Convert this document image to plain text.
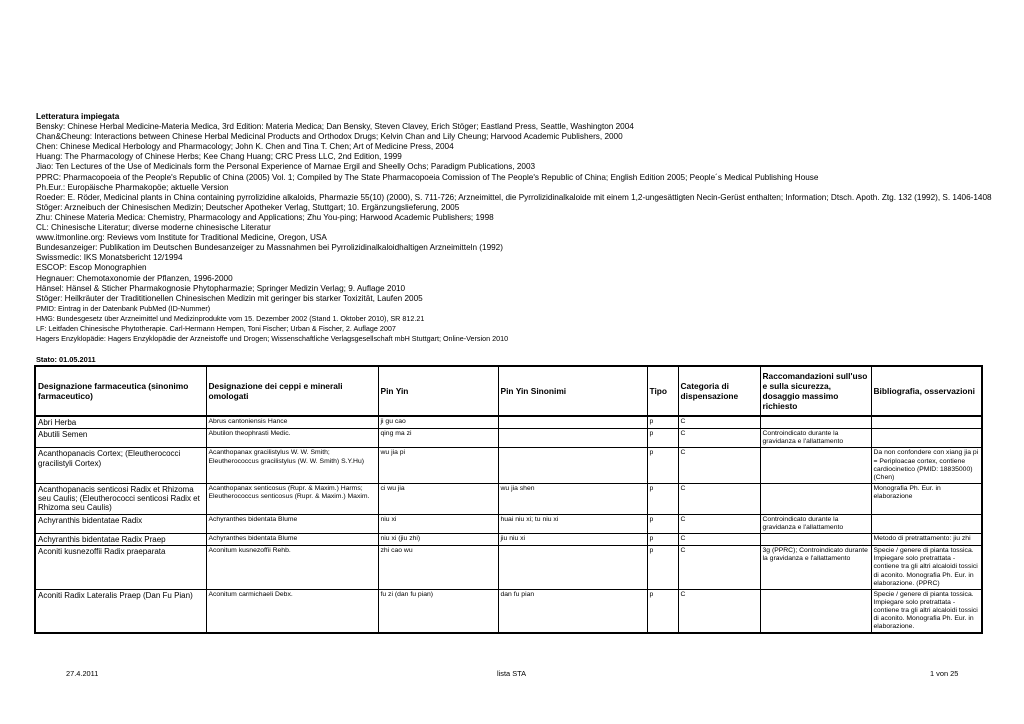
Letteratura impiegata
Bensky: Chinese Herbal Medicine-Materia Medica, 3rd Edition: Materia Medica; Dan Bensky, Steven Clavey, Erich Stöger; Eastland Press, Seattle, Washington 2004
Chan&Cheung: Interactions between Chinese Herbal Medicinal Products and Orthodox Drugs; Kelvin Chan and Lily Cheung; Harvood Academic Publishers, 2000
Chen: Chinese Medical Herbology and Pharmacology; John K. Chen and Tina T. Chen; Art of Medicine Press, 2004
Huang: The Pharmacology of Chinese Herbs; Kee Chang Huang; CRC Press LLC, 2nd Edition, 1999
Jiao: Ten Lectures of the Use of Medicinals form the Personal Experience of Marnae Ergil and Sheelly Ochs; Paradigm Publications, 2003
PPRC: Pharmacopoeia of the People's Republic of China (2005) Vol. 1; Compiled by The State Pharmacopoeia Comission of The People's Republic of China; English Edition 2005; People´s Medical Publishing House
Ph.Eur.: Europäische Pharmakopöe; aktuelle Version
Roeder: E. Röder, Medicinal plants in China containing pyrrolizidine alkaloids, Pharmazie 55(10) (2000), S. 711-726; Arzneimittel, die Pyrrolizidinalkaloide mit einem 1,2-ungesättigten Necin-Gerüst enthalten; Information; Dtsch. Apoth. Ztg. 132 (1992), S. 1406-1408
Stöger: Arzneibuch der Chinesischen Medizin; Deutscher Apotheker Verlag, Stuttgart; 10. Ergänzungslieferung, 2005
Zhu: Chinese Materia Medica: Chemistry, Pharmacology and Applications; Zhu You-ping; Harwood Academic Publishers; 1998
CL: Chinesische Literatur; diverse moderne chinesische Literatur
www.itmonline.org: Reviews vom Institute for Traditional Medicine, Oregon, USA
Bundesanzeiger: Publikation im Deutschen Bundesanzeiger zu Massnahmen bei Pyrrolizidinalkaloidhaltigen Arzneimitteln (1992)
Swissmedic: IKS Monatsbericht 12/1994
ESCOP: Escop Monographien
Hegnauer: Chemotaxonomie der Pflanzen, 1996-2000
Hänsel: Hänsel & Sticher Pharmakognosie Phytopharmazie; Springer Medizin Verlag; 9. Auflage 2010
Stöger: Heilkräuter der Tradititionellen Chinesischen Medizin mit geringer bis starker Toxizität, Laufen 2005
PMID: Eintrag in der Datenbank PubMed (ID-Nummer)
HMG: Bundesgesetz über Arzneimittel und Medizinprodukte vom 15. Dezember 2002 (Stand 1. Oktober 2010), SR 812.21
LF: Leitfaden Chinesische Phytotherapie. Carl-Hermann Hempen, Toni Fischer; Urban & Fischer, 2. Auflage 2007
Hagers Enzyklopädie: Hagers Enzyklopädie der Arzneistoffe und Drogen; Wissenschaftliche Verlagsgesellschaft mbH Stuttgart; Online-Version 2010
Stato: 01.05.2011
Designazione farmaceutica (sinonimo farmaceutico)	Designazione dei ceppi e minerali omologati	Pin Yin	Pin Yin Sinonimi	Tipo	Categoria di dispensazione	Raccomandazioni sull'uso e sulla sicurezza, dosaggio massimo richiesto	Bibliografia, osservazioni
Abri Herba	Abrus cantoniensis Hance	ji gu cao		p	C		
Abutili Semen	Abutilon theophrasti Medic.	qing ma zi		p	C	Controindicato durante la gravidanza e l'allattamento	
Acanthopanacis Cortex; (Eleutherococci gracilistyli Cortex)	Acanthopanax gracilistylus W. W. Smith; Eleutherococcus gracilistylus (W. W. Smith) S.Y.Hu)	wu jia pi		p	C		Da non confondere con xiang jia pi = Periploacae cortex, contiene cardiocinetico (PMID: 18835000) (Chen)
Acanthopanacis senticosi Radix et Rhizoma seu Caulis; (Eleutherococci senticosi Radix et Rhizoma seu Caulis)	Acanthopanax senticosus (Rupr. & Maxim.) Harms; Eleutherococcus senticosus (Rupr. & Maxim.) Maxim.	ci wu jia	wu jia shen	p	C		Monografia Ph. Eur. in elaborazione
Achyranthis bidentatae Radix	Achyranthes bidentata Blume	niu xi	huai niu xi; tu niu xi	p	C	Controindicato durante la gravidanza e l'allattamento	
Achyranthis bidentatae Radix Praep	Achyranthes bidentata Blume	niu xi (jiu zhi)	jiu niu xi	p	C		Metodo di pretrattamento: jiu zhi
Aconiti kusnezoffii Radix praeparata	Aconitum kusnezoffii Rehb.	zhi cao wu		p	C	3g (PPRC); Controindicato durante la gravidanza e l'allattamento	Specie / genere di pianta tossica. Impiegare solo pretrattata - contiene tra gli altri alcaloidi tossici di aconito. Monografia Ph. Eur. in elaborazione. (PPRC)
Aconiti Radix Lateralis Praep (Dan Fu Pian)	Aconitum carmichaeli Debx.	fu zi (dan fu pian)	dan fu pian	p	C		Specie / genere di pianta tossica. Impiegare solo pretrattata - contiene tra gli altri alcaloidi tossici di aconito. Monografia Ph. Eur. in elaborazione.
27.4.2011	lista STA	1 von 25
